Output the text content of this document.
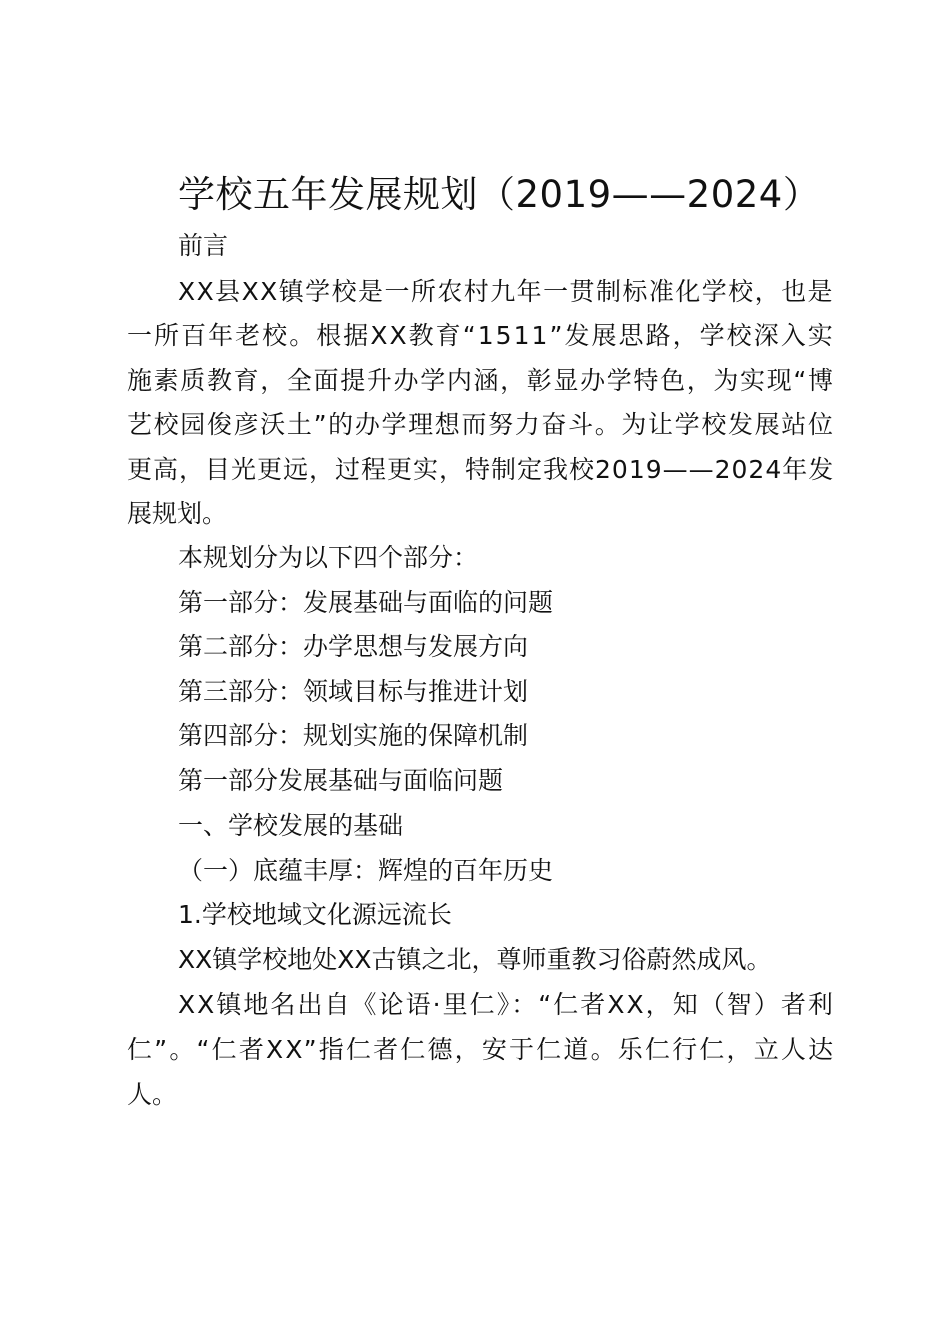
学校五年发展规划（2019——2024）
前言
XX县XX镇学校是一所农村九年一贯制标准化学校，也是
一所百年老校。根据XX教育“1511”发展思路，学校深入实
施素质教育，全面提升办学内涵，彰显办学特色，为实现“博
艺校园俊彦沃土”的办学理想而努力奋斗。为让学校发展站位
更高，目光更远，过程更实，特制定我校2019——2024年发
展规划。
本规划分为以下四个部分：
第一部分：发展基础与面临的问题
第二部分：办学思想与发展方向
第三部分：领域目标与推进计划
第四部分：规划实施的保障机制
第一部分发展基础与面临问题
一、学校发展的基础
（一）底蕴丰厚：辉煌的百年历史
1.学校地域文化源远流长
XX镇学校地处XX古镇之北，尊师重教习俗蔚然成风。
XX镇地名出自《论语·里仁》：“仁者XX，知（智）者利
仁”。“仁者XX”指仁者仁德，安于仁道。乐仁行仁，立人达
人。
